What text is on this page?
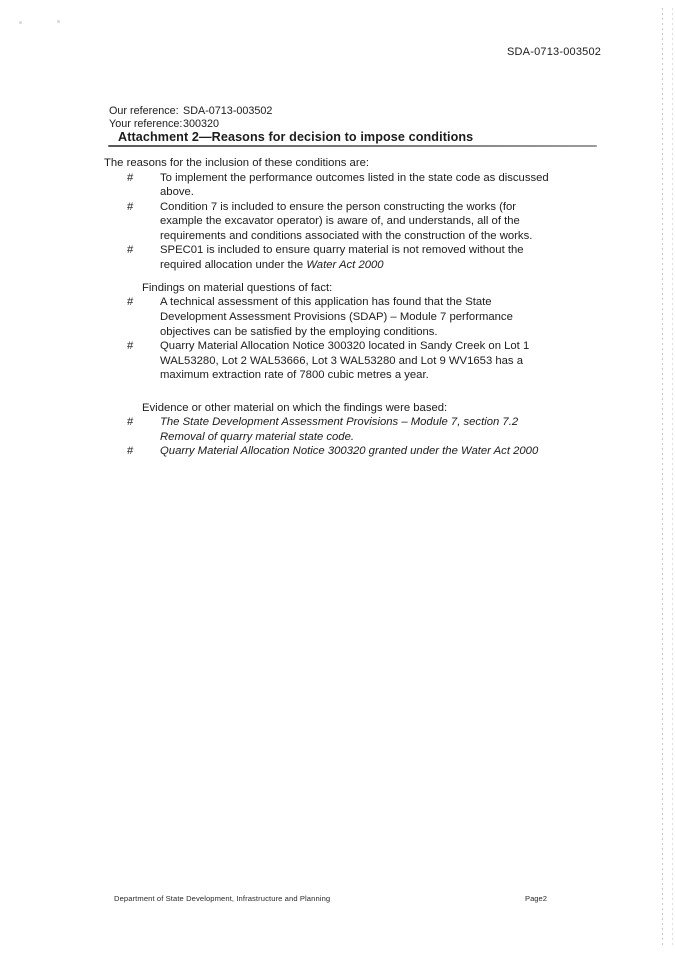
SDA-0713-003502
Our reference: SDA-0713-003502
Your reference:300320
Attachment 2—Reasons for decision to impose conditions
The reasons for the inclusion of these conditions are:
#	To implement the performance outcomes listed in the state code as discussed
above.
#	Condition 7 is included to ensure the person constructing the works (for
example the excavator operator) is aware of, and understands, all of the
requirements and conditions associated with the construction of the works.
#	SPEC01 is included to ensure quarry material is not removed without the
required allocation under the Water Act 2000
Findings on material questions of fact:
#	A technical assessment of this application has found that the State
Development Assessment Provisions (SDAP) – Module 7 performance
objectives can be satisfied by the employing conditions.
#	Quarry Material Allocation Notice 300320 located in Sandy Creek on Lot 1
WAL53280, Lot 2 WAL53666, Lot 3 WAL53280 and Lot 9 WV1653 has a
maximum extraction rate of 7800 cubic metres a year.
Evidence or other material on which the findings were based:
#	The State Development Assessment Provisions – Module 7, section 7.2
Removal of quarry material state code.
#	Quarry Material Allocation Notice 300320 granted under the Water Act 2000
Department of State Development, Infrastructure and Planning	Page2
